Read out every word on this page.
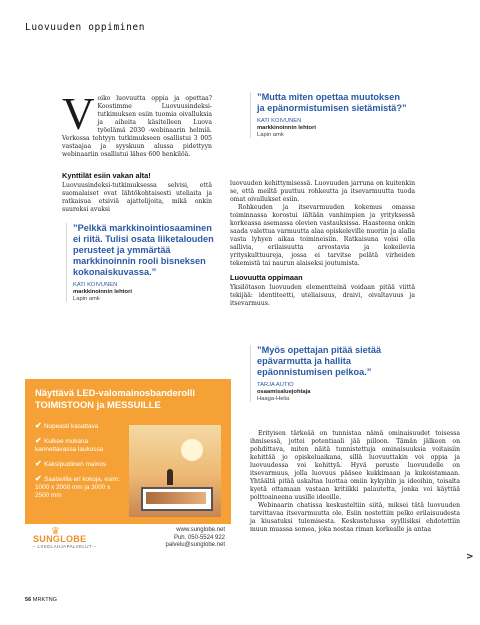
Luovuuden oppiminen
V oiko luovuutta oppia ja opettaa? Koostimme Luovuusindeksi-tutkimuksen esiin tuomia oivalluksia ja aiheita käsitelleen Luova työelämä 2030 -webinaarin helmiä. Verkossa tehtyyn tutkimukseen osallistui 3 005 vastaajaa ja syyskuun alussa pidettyyn webinaariin osallistui lähes 600 henkilöä.
Kynttilät esiin vakan alta!
Luovuusindeksi-tutkimuksessa selvisi, että suomalaiset ovat lähtökohtaisesti uteliaita ja ratkaisua etsiviä ajattelijoita, mikä onkin suureksi avuksi
”Pelkkä markkinointiosaaminen ei riitä. Tulisi osata liiketalouden perusteet ja ymmärtää markkinoinnin rooli bisneksen kokonaiskuvassa.”
KATI KOIVUNEN
markkinoinnin lehtori
Lapin amk
”Mutta miten opettaa muutoksen ja epänormistumisen sietämistä?”
KATI KOIVUNEN
markkinoinnin lehtori
Lapin amk

luovuuden kehittymisessä. Luovuuden jarruna on kuitenkin se, että meiltä puuttuu rohkeutta ja itsevarmuutta tuoda omat oivallukset esiin.

Rohkeuden ja itsevarmuuden kokemus omassa toiminnassa korostui iältään vanhimpien ja yrityksessä korkeassa asemassa olevien vastauksissa. Haasteena onkin saada valettua varmuutta alaa opiskeleville nuoriin ja alalla vasta lyhyen aikaa toimineisiin. Ratkaisuna voisi olla sallivia, erilaisuutta arvostavia ja kokeilevia yrityskulttuureja, jossa ei tarvitse pelätä virheiden tekemistä tai naurun alaiseksi joutumista.

Luovuutta oppimaan

Yksilötason luovuuden elementteinä voidaan pitää viittä tekijää: identiteetti, uteliaisuus, draivi, oivaltavuus ja itsevarmuus.

”Myös opettajan pitää sietää epävarmutta ja hallita epäonnistumisen pelkoa.”
TARJA AUTIO
osaamisaluejohtaja
Haaga-Helia

Erityisen tärkeää on tunnistaa nämä ominaisuudet toisessa ihmisessä, jottei potentiaali jää piiloon. Tämän jälkeen on pohdittava, miten näitä tunnistettuja ominaisuuksia voitaisiin kehittää jo opiskeluaikana, sillä luovuuttakin voi oppia ja luovuudessa voi kehittyä. Hyvä peruste luovuudelle on itsevarmuus, jolla luovuus pääsee kukkimaan ja kukoistamaan. Yhtäältä pitää uskaltaa luottaa omiin kykyihin ja ideoihin, toisalta kyetä ottamaan vastaan kritiikki palautetta, jonka voi käyttää polttoaineena uusille ideoille.

Webinaarin chatissa keskusteltiin siitä, miksei tätä luovuuden tarvittavaa itsevarmuutta ole. Esiin nostettiin pelko erilaisuudesta ja kiusatuksi tulemisesta. Keskustelussa syyllisiksi ehdotettiin muun muassa somea, joka nostaa riman korkealle ja antaa

Näyttävä LED-valomainosbanderolli TOIMISTOON ja MESSUILLE
✔ Nopeasti kasattava
✔ Kulkee mukana kannettavassa laukussa
✔ Kaksipuolinen mainos
✔ Saatavilla eri kokoja, esim: 1000 x 2000 mm ja 3000 x 2500 mm
♛
SUNGLOBE
– LIIKELAHJAPALVELUT –
www.sunglobe.net
Puh. 050-5524 922
palvelu@sunglobe.net
56 MRKTNG
>
